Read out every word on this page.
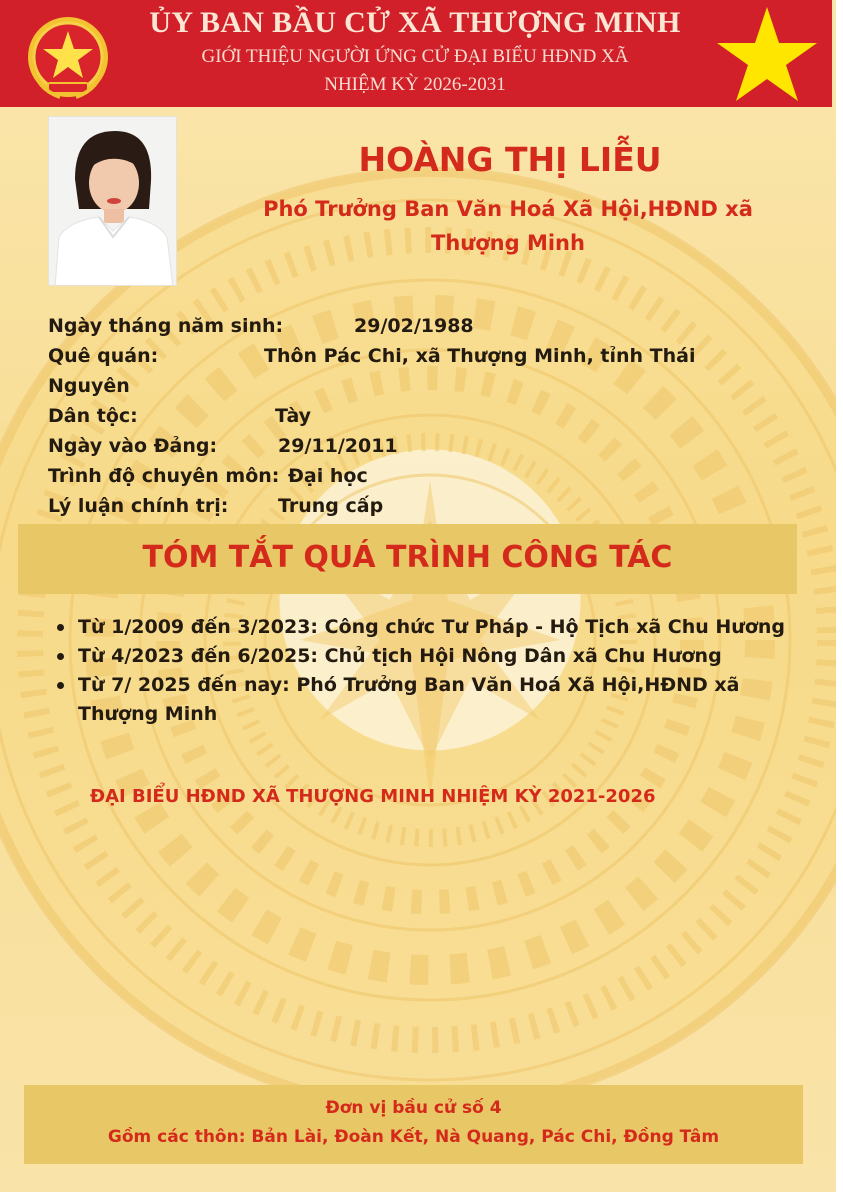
ỦY BAN BẦU CỬ XÃ THƯỢNG MINH
GIỚI THIỆU NGƯỜI ỨNG CỬ ĐẠI BIỂU HĐND XÃ
NHIỆM KỲ 2026-2031
HOÀNG THỊ LIỄU
Phó Trưởng Ban Văn Hoá Xã Hội,HĐND xã
Thượng Minh
Ngày tháng năm sinh:	29/02/1988
Quê quán:	Thôn Pác Chi, xã Thượng Minh, tỉnh Thái
Nguyên
Dân tộc:	Tày
Ngày vào Đảng:	29/11/2011
Trình độ chuyên môn: Đại học
Lý luận chính trị:	Trung cấp
TÓM TẮT QUÁ TRÌNH CÔNG TÁC
Từ 1/2009 đến 3/2023: Công chức Tư Pháp - Hộ Tịch xã Chu Hương
Từ 4/2023 đến 6/2025: Chủ tịch Hội Nông Dân xã Chu Hương
Từ 7/ 2025 đến nay: Phó Trưởng Ban Văn Hoá Xã Hội,HĐND xã
Thượng Minh
ĐẠI BIỂU HĐND XÃ THƯỢNG MINH NHIỆM KỲ 2021-2026
Đơn vị bầu cử số 4
Gồm các thôn: Bản Lài, Đoàn Kết, Nà Quang, Pác Chi, Đồng Tâm
